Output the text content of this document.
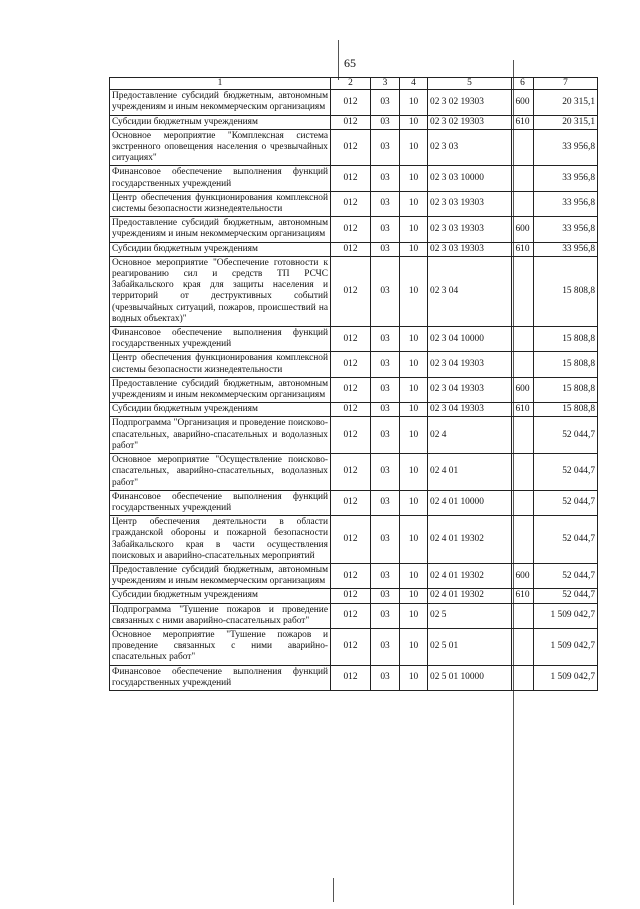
65
1	2	3	4	5	6	7
Предоставление субсидий бюджетным, автономным учреждениям и иным некоммерческим организациям	012	03	10	02 3 02 19303	600	20 315,1
Субсидии бюджетным учреждениям	012	03	10	02 3 02 19303	610	20 315,1
Основное мероприятие "Комплексная система экстренного оповещения населения о чрезвычайных ситуациях"	012	03	10	02 3 03		33 956,8
Финансовое обеспечение выполнения функций государственных учреждений	012	03	10	02 3 03 10000		33 956,8
Центр обеспечения функционирования комплексной системы безопасности жизнедеятельности	012	03	10	02 3 03 19303		33 956,8
Предоставление субсидий бюджетным, автономным учреждениям и иным некоммерческим организациям	012	03	10	02 3 03 19303	600	33 956,8
Субсидии бюджетным учреждениям	012	03	10	02 3 03 19303	610	33 956,8
Основное мероприятие "Обеспечение готовности к реагированию сил и средств ТП РСЧС Забайкальского края для защиты населения и территорий от деструктивных событий (чрезвычайных ситуаций, пожаров, происшествий на водных объектах)"	012	03	10	02 3 04		15 808,8
Финансовое обеспечение выполнения функций государственных учреждений	012	03	10	02 3 04 10000		15 808,8
Центр обеспечения функционирования комплексной системы безопасности жизнедеятельности	012	03	10	02 3 04 19303		15 808,8
Предоставление субсидий бюджетным, автономным учреждениям и иным некоммерческим организациям	012	03	10	02 3 04 19303	600	15 808,8
Субсидии бюджетным учреждениям	012	03	10	02 3 04 19303	610	15 808,8
Подпрограмма "Организация и проведение поисково-спасательных, аварийно-спасательных и водолазных работ"	012	03	10	02 4		52 044,7
Основное мероприятие "Осуществление поисково-спасательных, аварийно-спасательных, водолазных работ"	012	03	10	02 4 01		52 044,7
Финансовое обеспечение выполнения функций государственных учреждений	012	03	10	02 4 01 10000		52 044,7
Центр обеспечения деятельности в области гражданской обороны и пожарной безопасности Забайкальского края в части осуществления поисковых и аварийно-спасательных мероприятий	012	03	10	02 4 01 19302		52 044,7
Предоставление субсидий бюджетным, автономным учреждениям и иным некоммерческим организациям	012	03	10	02 4 01 19302	600	52 044,7
Субсидии бюджетным учреждениям	012	03	10	02 4 01 19302	610	52 044,7
Подпрограмма "Тушение пожаров и проведение связанных с ними аварийно-спасательных работ"	012	03	10	02 5		1 509 042,7
Основное мероприятие "Тушение пожаров и проведение связанных с ними аварийно-спасательных работ"	012	03	10	02 5 01		1 509 042,7
Финансовое обеспечение выполнения функций государственных учреждений	012	03	10	02 5 01 10000		1 509 042,7
